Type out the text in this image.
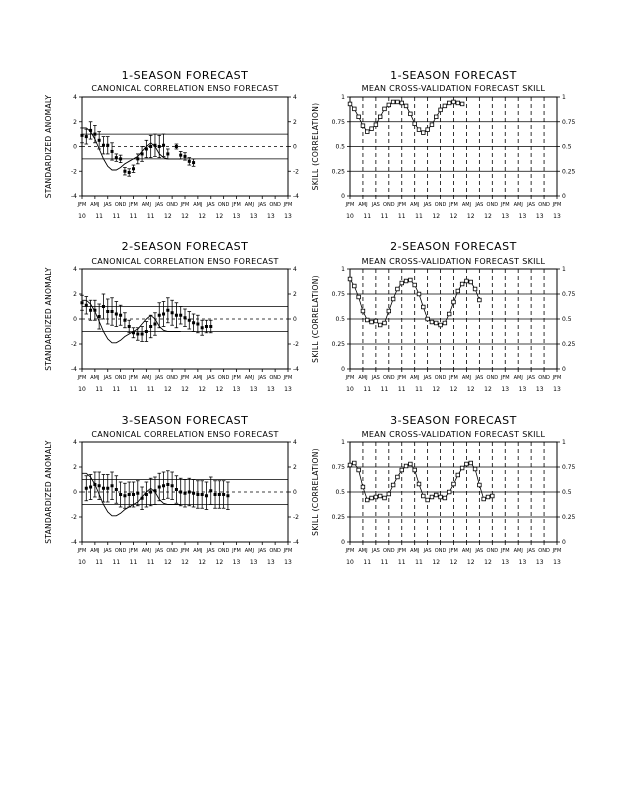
1-SEASON FORECAST
CANONICAL CORRELATION ENSO FORECAST
-4
-2
0
2
4
-4
-2
0
2
4
STANDARDIZED ANOMALY
JFM AMJ JAS OND JFM AMJ JAS OND JFM AMJ JAS OND JFM AMJ JAS OND JFM
10 11 11 11 11 12 12 12 12 13 13 13 13
1-SEASON FORECAST
MEAN CROSS-VALIDATION FORECAST SKILL
0	0
0.25	0.25
0.5	0.5
0.75	0.75
1	1
SKILL (CORRELATION)
JFM AMJ JAS OND JFM AMJ JAS OND JFM AMJ JAS OND JFM AMJ JAS OND JFM
10 11 11 11 11 12 12 12 12 13 13 13 13
2-SEASON FORECAST
CANONICAL CORRELATION ENSO FORECAST
-4
-2
0
2
4
-4
-2
0
2
4
STANDARDIZED ANOMALY
JFM AMJ JAS OND JFM AMJ JAS OND JFM AMJ JAS OND JFM AMJ JAS OND JFM
10 11 11 11 11 12 12 12 12 13 13 13 13
2-SEASON FORECAST
MEAN CROSS-VALIDATION FORECAST SKILL
0	0
0.25	0.25
0.5	0.5
0.75	0.75
1	1
SKILL (CORRELATION)
JFM AMJ JAS OND JFM AMJ JAS OND JFM AMJ JAS OND JFM AMJ JAS OND JFM
10 11 11 11 11 12 12 12 12 13 13 13 13
3-SEASON FORECAST
CANONICAL CORRELATION ENSO FORECAST
-4
-2
0
2
4
-4
-2
0
2
4
STANDARDIZED ANOMALY
JFM AMJ JAS OND JFM AMJ JAS OND JFM AMJ JAS OND JFM AMJ JAS OND JFM
10 11 11 11 11 12 12 12 12 13 13 13 13
3-SEASON FORECAST
MEAN CROSS-VALIDATION FORECAST SKILL
0	0
0.25	0.25
0.5	0.5
0.75	0.75
1	1
SKILL (CORRELATION)
JFM AMJ JAS OND JFM AMJ JAS OND JFM AMJ JAS OND JFM AMJ JAS OND JFM
10 11 11 11 11 12 12 12 12 13 13 13 13
